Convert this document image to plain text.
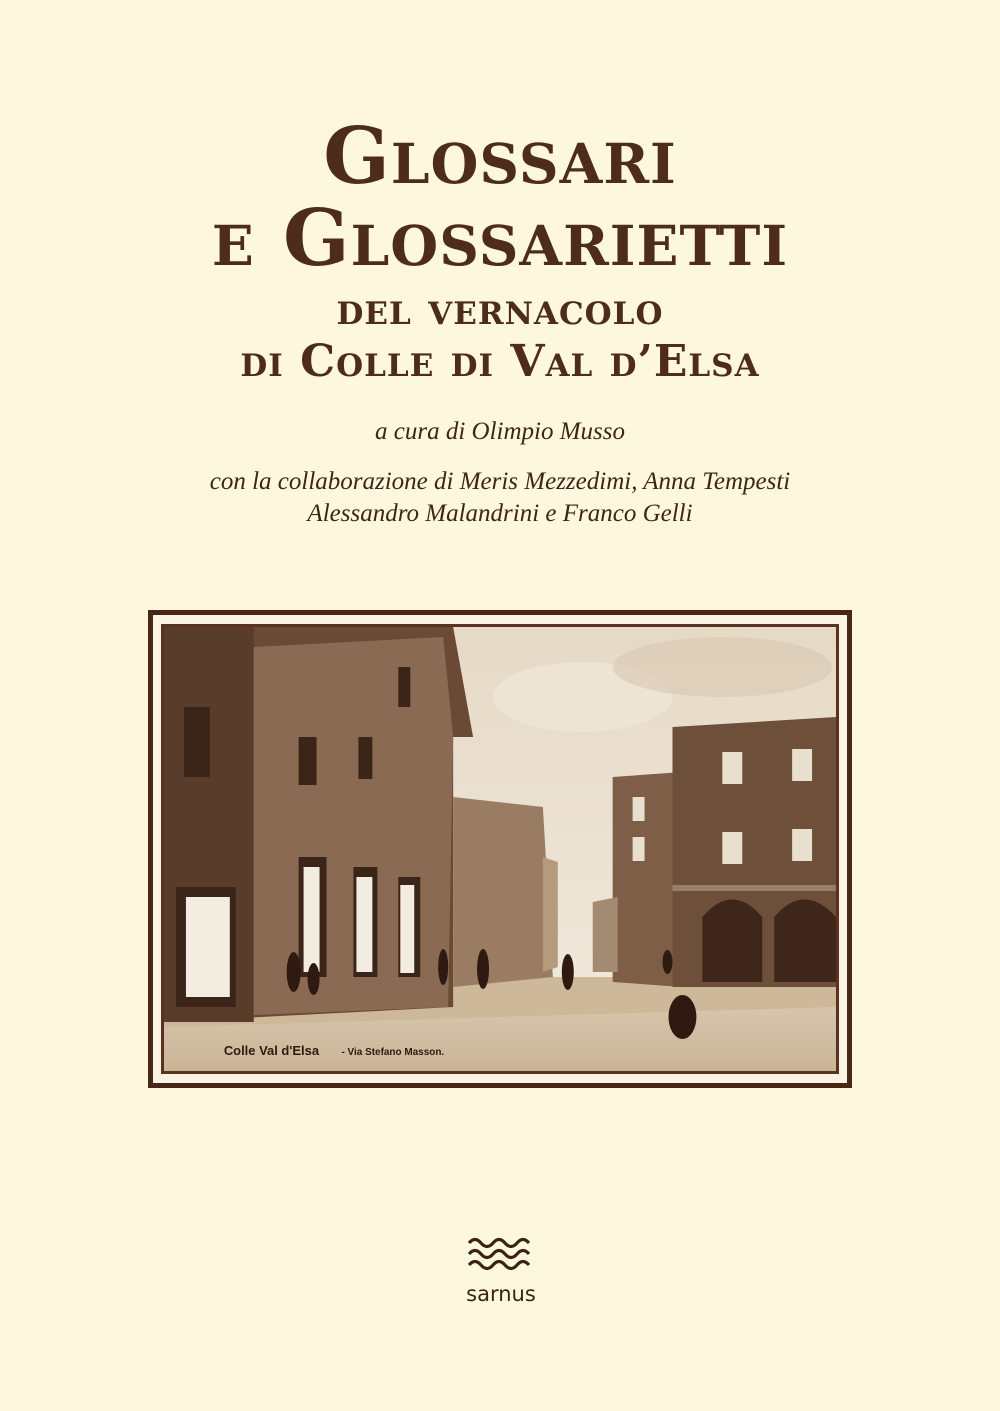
Glossari
e Glossarietti
del vernacolo
di Colle di Val d’Elsa
a cura di Olimpio Musso
con la collaborazione di Meris Mezzedimi, Anna Tempesti
Alessandro Malandrini e Franco Gelli
Colle Val d'Elsa - Via Stefano Masson.
sarnus
